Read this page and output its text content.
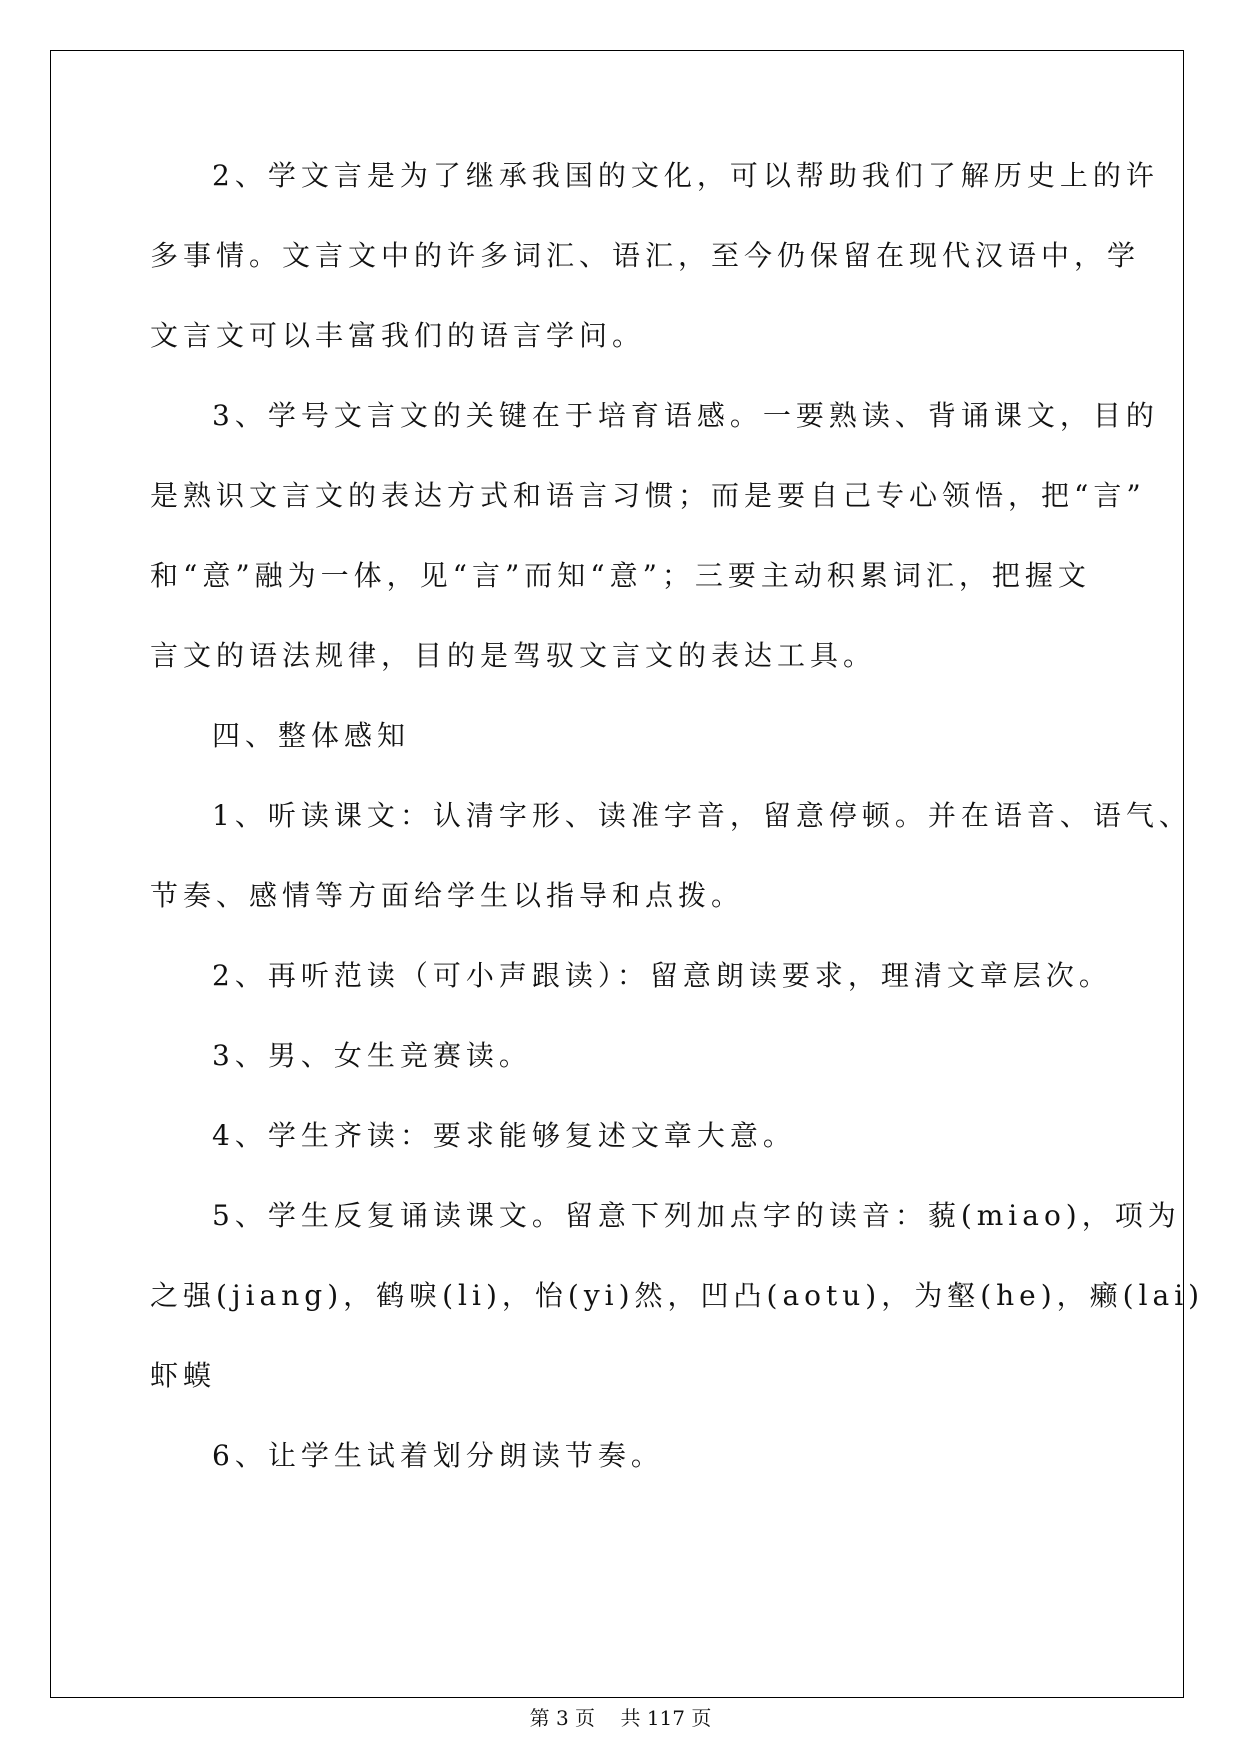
2、学文言是为了继承我国的文化，可以帮助我们了解历史上的许
多事情。文言文中的许多词汇、语汇，至今仍保留在现代汉语中，学
文言文可以丰富我们的语言学问。
3、学号文言文的关键在于培育语感。一要熟读、背诵课文，目的
是熟识文言文的表达方式和语言习惯；而是要自己专心领悟，把“言”
和“意”融为一体，见“言”而知“意”；三要主动积累词汇，把握文
言文的语法规律，目的是驾驭文言文的表达工具。
四、整体感知
1、听读课文：认清字形、读准字音，留意停顿。并在语音、语气、
节奏、感情等方面给学生以指导和点拨。
2、再听范读（可小声跟读）：留意朗读要求，理清文章层次。
3、男、女生竞赛读。
4、学生齐读：要求能够复述文章大意。
5、学生反复诵读课文。留意下列加点字的读音：藐(miao)，项为
之强(jiang)，鹤唳(li)，怡(yi)然，凹凸(aotu)，为壑(he)，癞(lai)
虾蟆
6、让学生试着划分朗读节奏。
第 3 页    共 117 页
